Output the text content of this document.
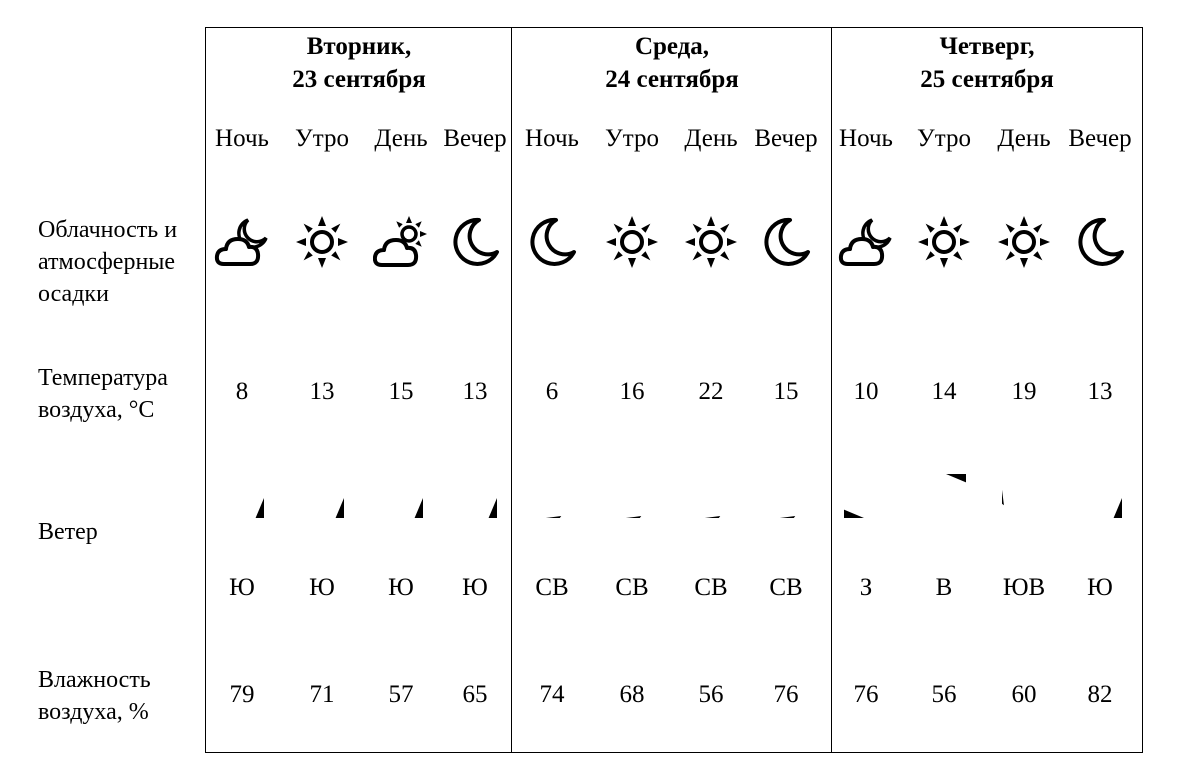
Облачность и
атмосферные
осадки
Температура
воздуха, °C
Ветер
Влажность
воздуха, %
Вторник,
23 сентября
Среда,
24 сентября
Четверг,
25 сентября
Ночь
8
Ю
79
Утро
13
Ю
71
День
15
Ю
57
Вечер
13
Ю
65
Ночь
6
СВ
74
Утро
16
СВ
68
День
22
СВ
56
Вечер
15
СВ
76
Ночь
10
З
76
Утро
14
В
56
День
19
ЮВ
60
Вечер
13
Ю
82
